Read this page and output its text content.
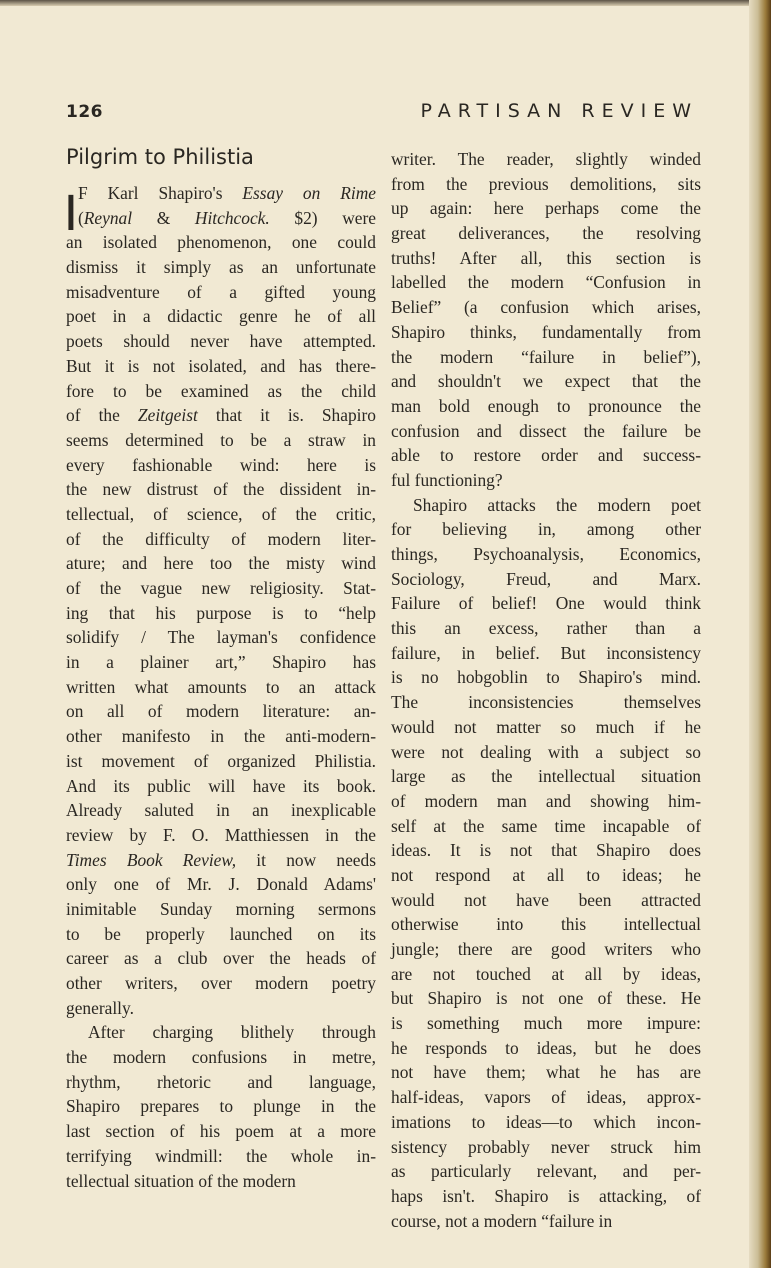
126	PARTISAN REVIEW
Pilgrim to Philistia
I F Karl Shapiro's Essay on Rime
(Reynal & Hitchcock. $2) were
an isolated phenomenon, one could
dismiss it simply as an unfortunate
misadventure of a gifted young
poet in a didactic genre he of all
poets should never have attempted.
But it is not isolated, and has there-
fore to be examined as the child
of the Zeitgeist that it is. Shapiro
seems determined to be a straw in
every fashionable wind: here is
the new distrust of the dissident in-
tellectual, of science, of the critic,
of the difficulty of modern liter-
ature; and here too the misty wind
of the vague new religiosity. Stat-
ing that his purpose is to “help
solidify / The layman's confidence
in a plainer art,” Shapiro has
written what amounts to an attack
on all of modern literature: an-
other manifesto in the anti-modern-
ist movement of organized Philistia.
And its public will have its book.
Already saluted in an inexplicable
review by F. O. Matthiessen in the
Times Book Review, it now needs
only one of Mr. J. Donald Adams'
inimitable Sunday morning sermons
to be properly launched on its
career as a club over the heads of
other writers, over modern poetry
generally.
After charging blithely through
the modern confusions in metre,
rhythm, rhetoric and language,
Shapiro prepares to plunge in the
last section of his poem at a more
terrifying windmill: the whole in-
tellectual situation of the modern
writer. The reader, slightly winded
from the previous demolitions, sits
up again: here perhaps come the
great deliverances, the resolving
truths! After all, this section is
labelled the modern “Confusion in
Belief” (a confusion which arises,
Shapiro thinks, fundamentally from
the modern “failure in belief”),
and shouldn't we expect that the
man bold enough to pronounce the
confusion and dissect the failure be
able to restore order and success-
ful functioning?
Shapiro attacks the modern poet
for believing in, among other
things, Psychoanalysis, Economics,
Sociology, Freud, and Marx.
Failure of belief! One would think
this an excess, rather than a
failure, in belief. But inconsistency
is no hobgoblin to Shapiro's mind.
The inconsistencies themselves
would not matter so much if he
were not dealing with a subject so
large as the intellectual situation
of modern man and showing him-
self at the same time incapable of
ideas. It is not that Shapiro does
not respond at all to ideas; he
would not have been attracted
otherwise into this intellectual
jungle; there are good writers who
are not touched at all by ideas,
but Shapiro is not one of these. He
is something much more impure:
he responds to ideas, but he does
not have them; what he has are
half-ideas, vapors of ideas, approx-
imations to ideas—to which incon-
sistency probably never struck him
as particularly relevant, and per-
haps isn't. Shapiro is attacking, of
course, not a modern “failure in
